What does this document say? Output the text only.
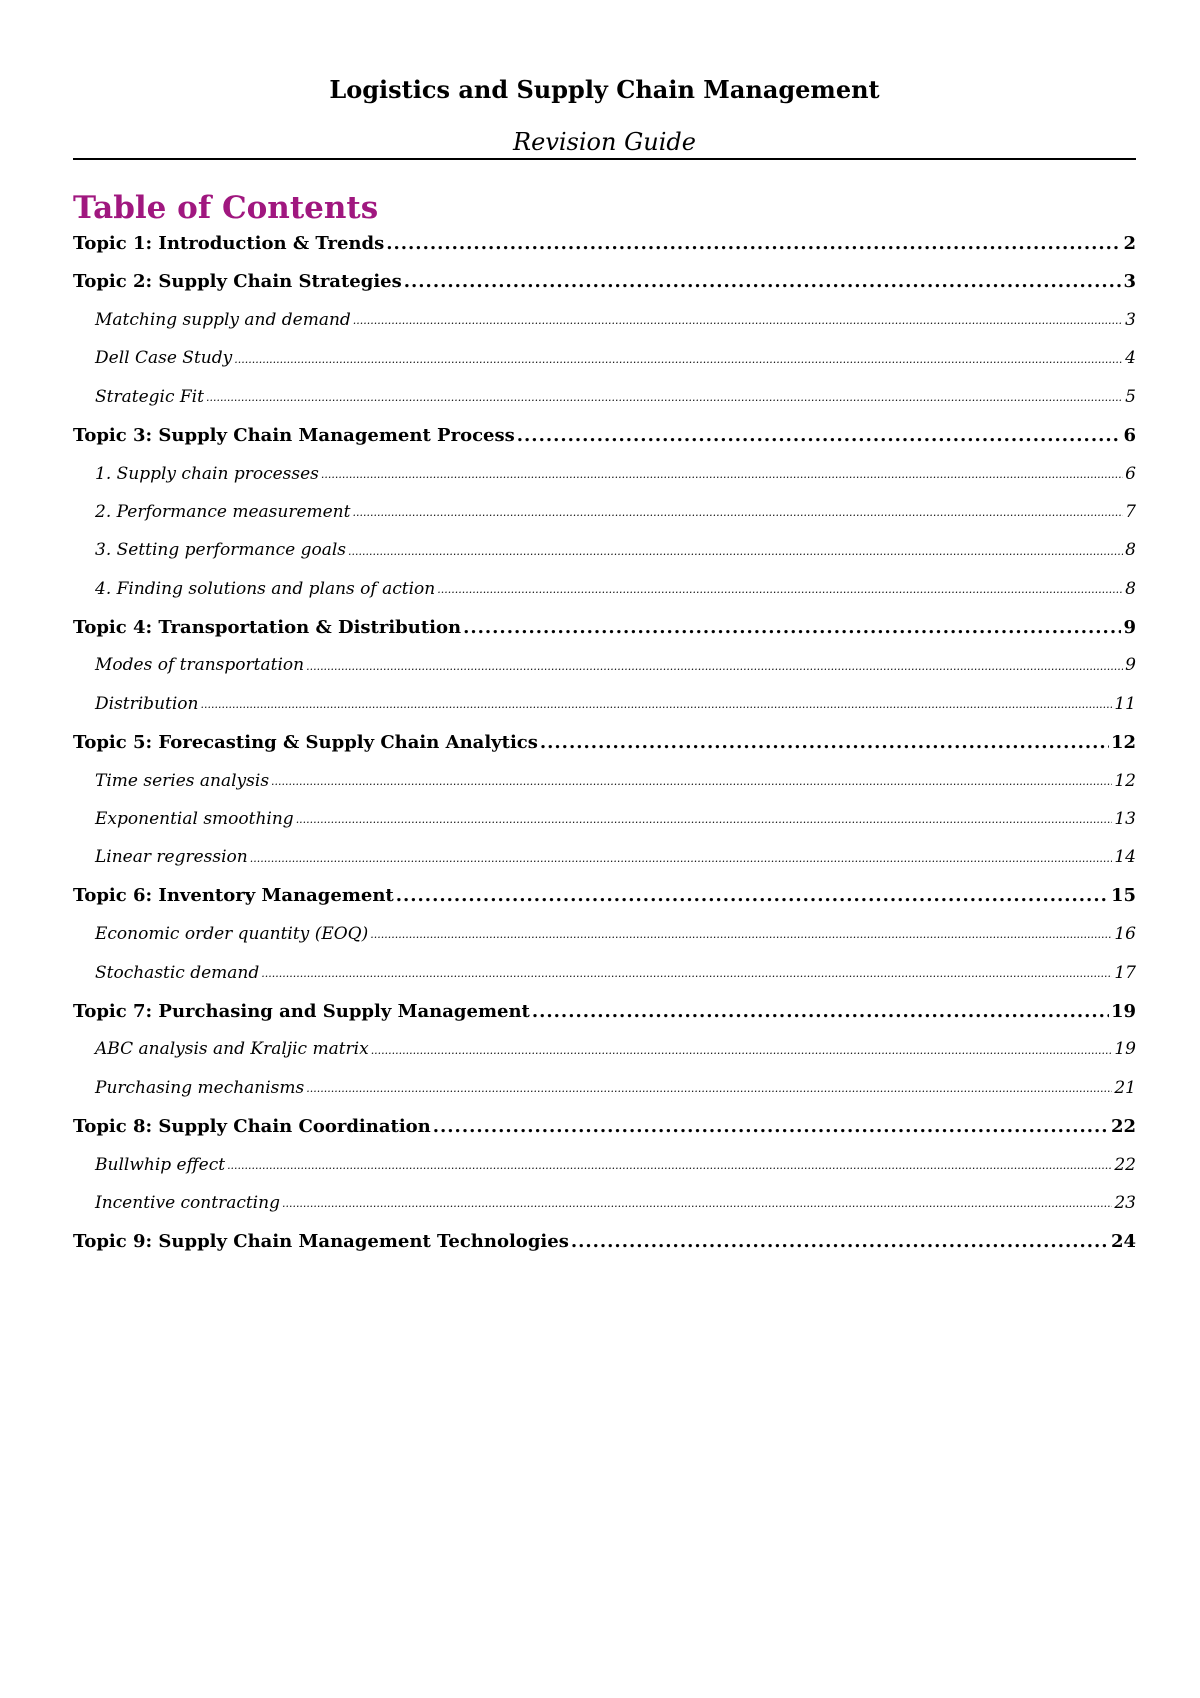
Logistics and Supply Chain Management
Revision Guide
Table of Contents
Topic 1: Introduction & Trends .....	2
Topic 2: Supply Chain Strategies .....	3
Matching supply and demand .....	3
Dell Case Study .....	4
Strategic Fit .....	5
Topic 3: Supply Chain Management Process .....	6
1. Supply chain processes .....	6
2. Performance measurement .....	7
3. Setting performance goals .....	8
4. Finding solutions and plans of action .....	8
Topic 4: Transportation & Distribution .....	9
Modes of transportation .....	9
Distribution .....	11
Topic 5: Forecasting & Supply Chain Analytics .....	12
Time series analysis .....	12
Exponential smoothing .....	13
Linear regression .....	14
Topic 6: Inventory Management .....	15
Economic order quantity (EOQ) .....	16
Stochastic demand .....	17
Topic 7: Purchasing and Supply Management .....	19
ABC analysis and Kraljic matrix .....	19
Purchasing mechanisms .....	21
Topic 8: Supply Chain Coordination .....	22
Bullwhip effect .....	22
Incentive contracting .....	23
Topic 9: Supply Chain Management Technologies .....	24
